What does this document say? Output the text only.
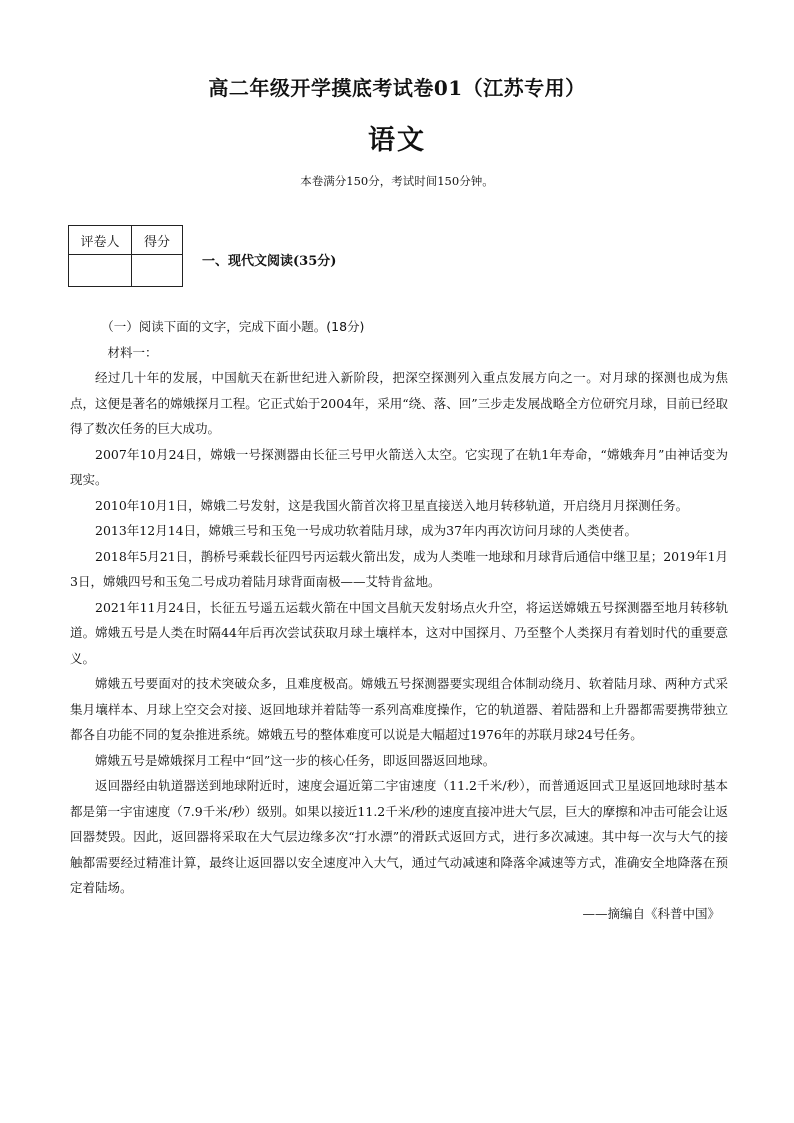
高二年级开学摸底考试卷01（江苏专用）
语文
本卷满分150分，考试时间150分钟。
评卷人	得分

一、现代文阅读(35分)

（一）阅读下面的文字，完成下面小题。(18分)

材料一：

经过几十年的发展，中国航天在新世纪进入新阶段，把深空探测列入重点发展方向之一。对月球的探测也成为焦点，这便是著名的嫦娥探月工程。它正式始于2004年，采用“绕、落、回”三步走发展战略全方位研究月球，目前已经取得了数次任务的巨大成功。

2007年10月24日，嫦娥一号探测器由长征三号甲火箭送入太空。它实现了在轨1年寿命，“嫦娥奔月”由神话变为现实。

2010年10月1日，嫦娥二号发射，这是我国火箭首次将卫星直接送入地月转移轨道，开启绕月月探测任务。

2013年12月14日，嫦娥三号和玉兔一号成功软着陆月球，成为37年内再次访问月球的人类使者。

2018年5月21日，鹊桥号乘载长征四号丙运载火箭出发，成为人类唯一地球和月球背后通信中继卫星；2019年1月3日，嫦娥四号和玉兔二号成功着陆月球背面南极——艾特肯盆地。

2021年11月24日，长征五号遥五运载火箭在中国文昌航天发射场点火升空，将运送嫦娥五号探测器至地月转移轨道。嫦娥五号是人类在时隔44年后再次尝试获取月球土壤样本，这对中国探月、乃至整个人类探月有着划时代的重要意义。

嫦娥五号要面对的技术突破众多，且难度极高。嫦娥五号探测器要实现组合体制动绕月、软着陆月球、两种方式采集月壤样本、月球上空交会对接、返回地球并着陆等一系列高难度操作，它的轨道器、着陆器和上升器都需要携带独立都各自功能不同的复杂推进系统。嫦娥五号的整体难度可以说是大幅超过1976年的苏联月球24号任务。

嫦娥五号是嫦娥探月工程中“回”这一步的核心任务，即返回器返回地球。

返回器经由轨道器送到地球附近时，速度会逼近第二宇宙速度（11.2千米/秒），而普通返回式卫星返回地球时基本都是第一宇宙速度（7.9千米/秒）级别。如果以接近11.2千米/秒的速度直接冲进大气层，巨大的摩擦和冲击可能会让返回器焚毁。因此，返回器将采取在大气层边缘多次“打水漂”的滑跃式返回方式，进行多次减速。其中每一次与大气的接触都需要经过精准计算，最终让返回器以安全速度冲入大气，通过气动减速和降落伞减速等方式，准确安全地降落在预定着陆场。

——摘编自《科普中国》
